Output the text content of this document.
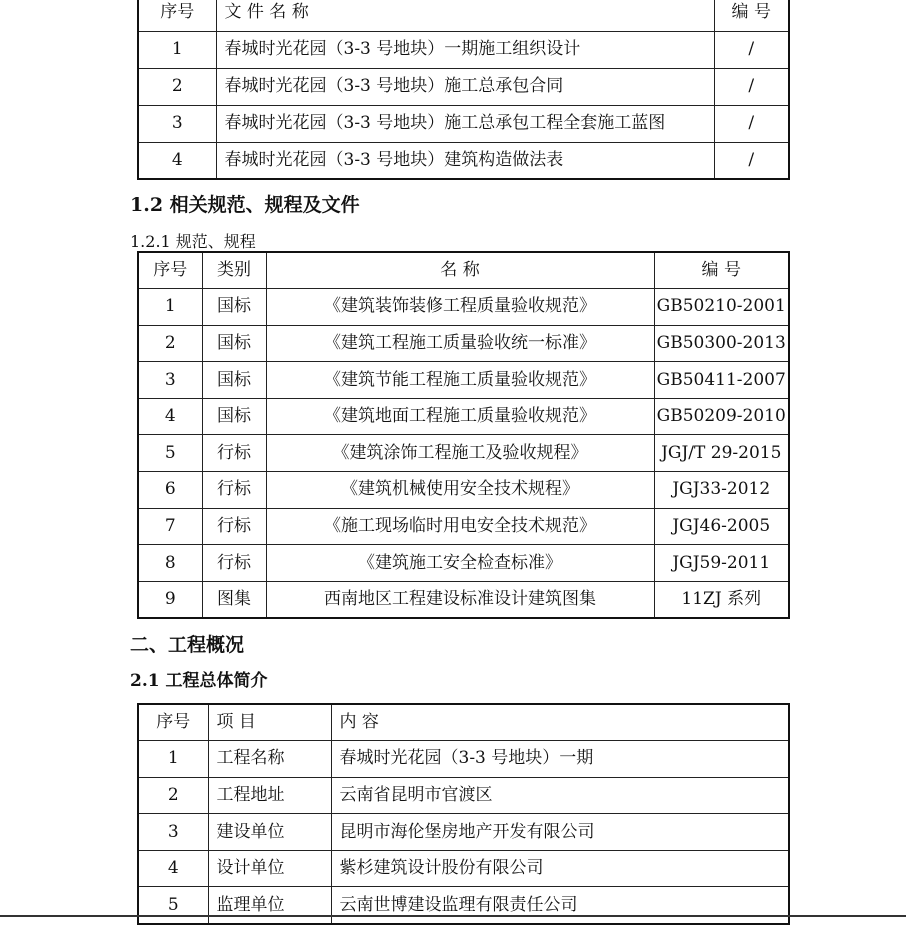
序号	文 件 名 称	编 号
1	春城时光花园（3-3 号地块）一期施工组织设计	/
2	春城时光花园（3-3 号地块）施工总承包合同	/
3	春城时光花园（3-3 号地块）施工总承包工程全套施工蓝图	/
4	春城时光花园（3-3 号地块）建筑构造做法表	/
1.2 相关规范、规程及文件
1.2.1 规范、规程
序号	类别	名 称	编 号
1	国标	《建筑装饰装修工程质量验收规范》	GB50210-2001
2	国标	《建筑工程施工质量验收统一标准》	GB50300-2013
3	国标	《建筑节能工程施工质量验收规范》	GB50411-2007
4	国标	《建筑地面工程施工质量验收规范》	GB50209-2010
5	行标	《建筑涂饰工程施工及验收规程》	JGJ/T 29-2015
6	行标	《建筑机械使用安全技术规程》	JGJ33-2012
7	行标	《施工现场临时用电安全技术规范》	JGJ46-2005
8	行标	《建筑施工安全检查标准》	JGJ59-2011
9	图集	西南地区工程建设标准设计建筑图集	11ZJ 系列
二、工程概况
2.1 工程总体简介
序号	项 目	内 容
1	工程名称	春城时光花园（3-3 号地块）一期
2	工程地址	云南省昆明市官渡区
3	建设单位	昆明市海伦堡房地产开发有限公司
4	设计单位	紫杉建筑设计股份有限公司
5	监理单位	云南世博建设监理有限责任公司
